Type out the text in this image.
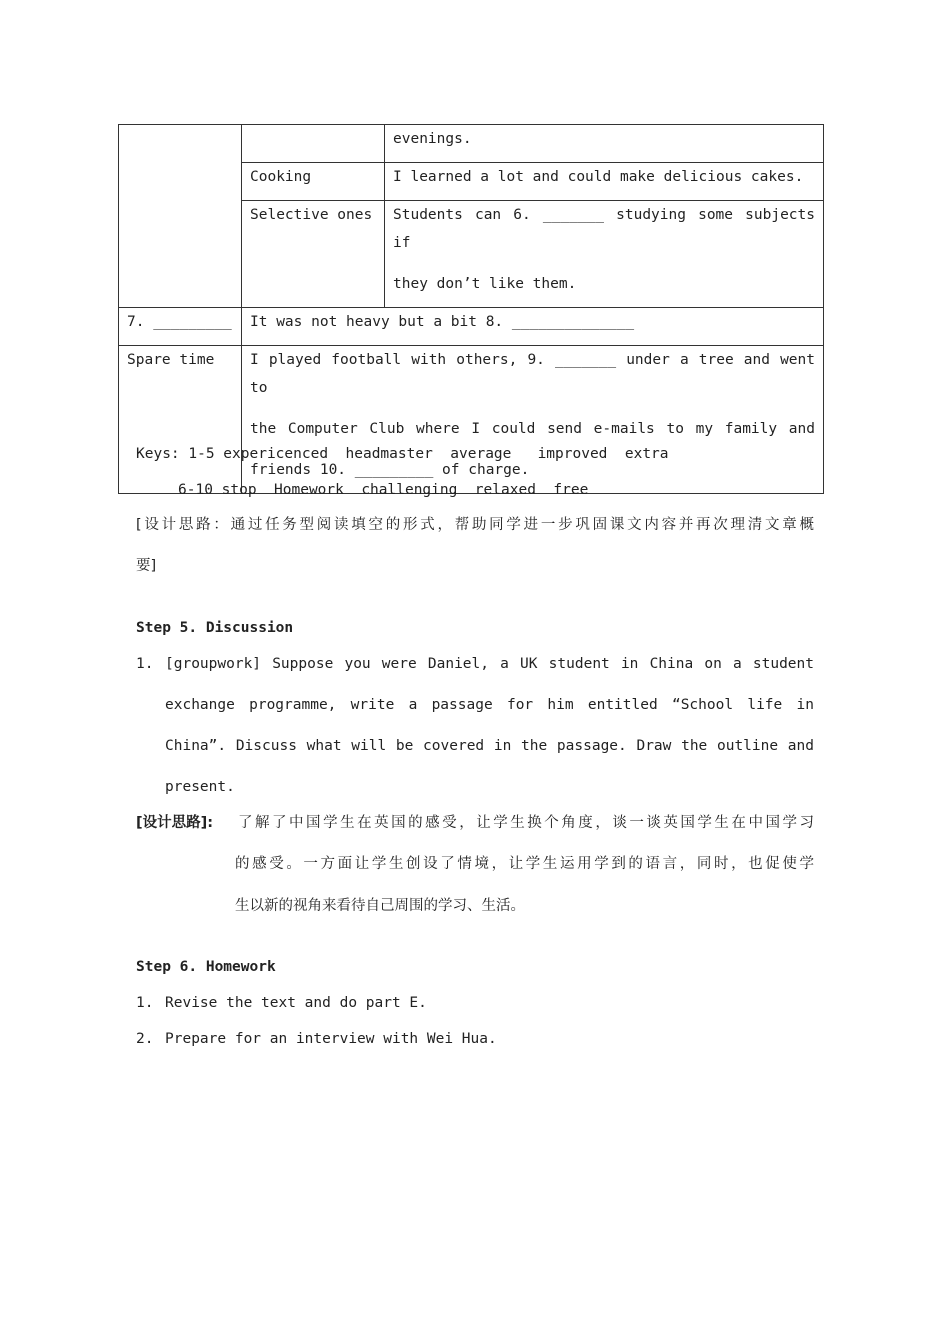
		evenings.
	Cooking	I learned a lot and could make delicious cakes.
	Selective ones	Students can 6. _______ studying some subjects if
they don’t like them.

7. _________	It was not heavy but a bit 8. ______________	
Spare time	I played football with others, 9. _______ under a tree and went to
the Computer Club where I could send e-mails to my family and
friends 10. _________ of charge.	
Keys: 1-5 expericenced  headmaster  average   improved  extra
6-10 stop  Homework  challenging  relaxed  free
[设计思路：通过任务型阅读填空的形式，帮助同学进一步巩固课文内容并再次理清文章概
要]
Step 5. Discussion
1. [groupwork] Suppose you were Daniel, a UK student in China on a student
exchange programme, write a passage for him entitled “School life in
China”. Discuss what will be covered in the passage. Draw the outline and
present.
[设计思路]: 了解了中国学生在英国的感受，让学生换个角度，谈一谈英国学生在中国学习
的感受。一方面让学生创设了情境，让学生运用学到的语言，同时，也促使学
生以新的视角来看待自己周围的学习、生活。
Step 6. Homework
1. Revise the text and do part E.
2. Prepare for an interview with Wei Hua.
